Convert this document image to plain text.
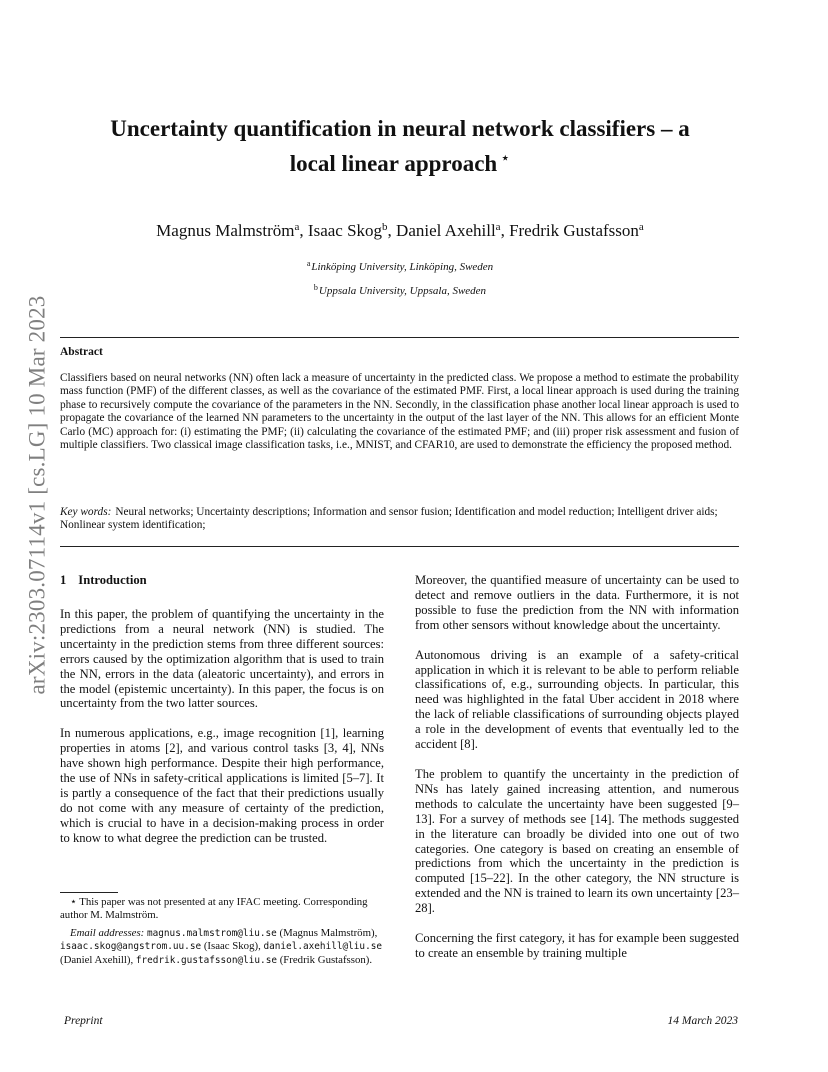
arXiv:2303.07114v1 [cs.LG] 10 Mar 2023
Uncertainty quantification in neural network classifiers – a
local linear approach ⋆
Magnus Malmström$^a$, Isaac Skog$^b$, Daniel Axehill$^a$, Fredrik Gustafsson$^a$
$^a$Linköping University, Linköping, Sweden
$^b$Uppsala University, Uppsala, Sweden
Abstract
Classifiers based on neural networks (NN) often lack a measure of uncertainty in the predicted class. We propose a method to estimate the probability mass function (PMF) of the different classes, as well as the covariance of the estimated PMF. First, a local linear approach is used during the training phase to recursively compute the covariance of the parameters in the NN. Secondly, in the classification phase another local linear approach is used to propagate the covariance of the learned NN parameters to the uncertainty in the output of the last layer of the NN. This allows for an efficient Monte Carlo (MC) approach for: (i) estimating the PMF; (ii) calculating the covariance of the estimated PMF; and (iii) proper risk assessment and fusion of multiple classifiers. Two classical image classification tasks, i.e., MNIST, and CFAR10, are used to demonstrate the efficiency the proposed method.
Key words: Neural networks; Uncertainty descriptions; Information and sensor fusion; Identification and model reduction; Intelligent driver aids; Nonlinear system identification;
1 Introduction

In this paper, the problem of quantifying the uncertainty in the predictions from a neural network (NN) is studied. The uncertainty in the prediction stems from three different sources: errors caused by the optimization algorithm that is used to train the NN, errors in the data (aleatoric uncertainty), and errors in the model (epistemic uncertainty). In this paper, the focus is on uncertainty from the two latter sources.

In numerous applications, e.g., image recognition [1], learning properties in atoms [2], and various control tasks [3, 4], NNs have shown high performance. Despite their high performance, the use of NNs in safety-critical applications is limited [5–7]. It is partly a consequence of the fact that their predictions usually do not come with any measure of certainty of the prediction, which is crucial to have in a decision-making process in order to know to what degree the prediction can be trusted.

Moreover, the quantified measure of uncertainty can be used to detect and remove outliers in the data. Furthermore, it is not possible to fuse the prediction from the NN with information from other sensors without knowledge about the uncertainty.

Autonomous driving is an example of a safety-critical application in which it is relevant to be able to perform reliable classifications of, e.g., surrounding objects. In particular, this need was highlighted in the fatal Uber accident in 2018 where the lack of reliable classifications of surrounding objects played a role in the development of events that eventually led to the accident [8].

The problem to quantify the uncertainty in the prediction of NNs has lately gained increasing attention, and numerous methods to calculate the uncertainty have been suggested [9–13]. For a survey of methods see [14]. The methods suggested in the literature can broadly be divided into one out of two categories. One category is based on creating an ensemble of predictions from which the uncertainty in the prediction is computed [15–22]. In the other category, the NN structure is extended and the NN is trained to learn its own uncertainty [23–28].

Concerning the first category, it has for example been suggested to create an ensemble by training multiple

⋆ This paper was not presented at any IFAC meeting. Corresponding author M. Malmström.
Email addresses: magnus.malmstrom@liu.se (Magnus Malmström), isaac.skog@angstrom.uu.se (Isaac Skog), daniel.axehill@liu.se (Daniel Axehill), fredrik.gustafsson@liu.se (Fredrik Gustafsson).
Preprint	14 March 2023
